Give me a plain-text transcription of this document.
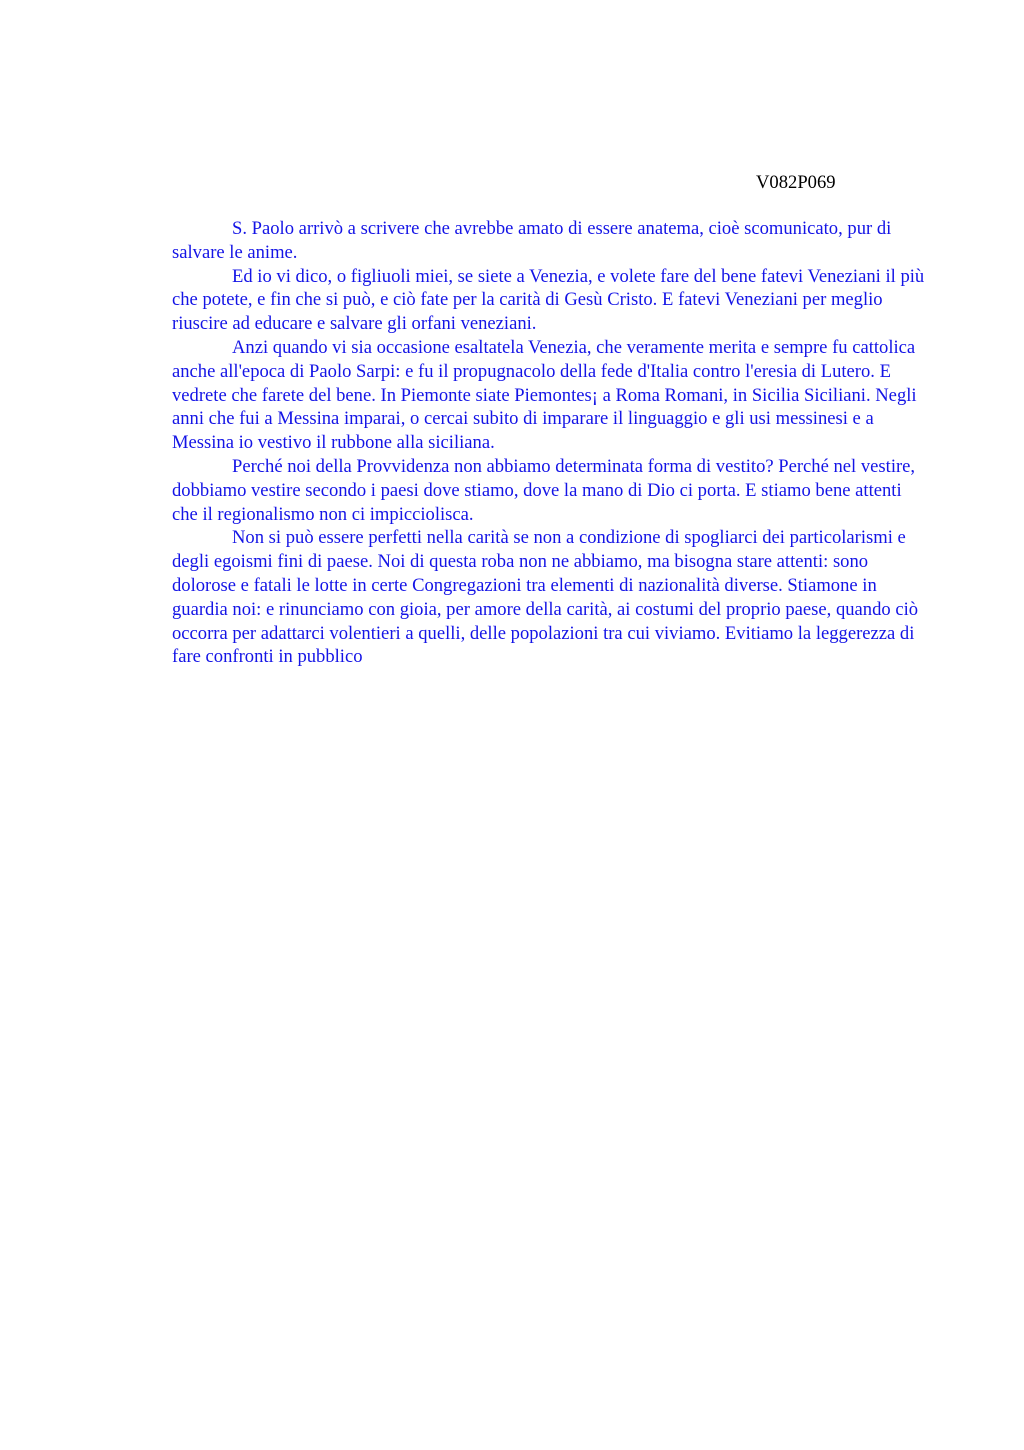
V082P069

S. Paolo arrivò a scrivere che avrebbe amato di essere anatema, cioè scomunicato, pur di salvare le anime.

Ed io vi dico, o figliuoli miei, se siete a Venezia, e volete fare del bene fatevi Veneziani il più che potete, e fin che si può, e ciò fate per la carità di Gesù Cristo. E fatevi Veneziani per meglio riuscire ad educare e salvare gli orfani veneziani.

Anzi quando vi sia occasione esaltatela Venezia, che veramente merita e sempre fu cattolica anche all'epoca di Paolo Sarpi: e fu il propugnacolo della fede d'Italia contro l'eresia di Lutero. E vedrete che farete del bene. In Piemonte siate Piemontes¡ a Roma Romani, in Sicilia Siciliani. Negli anni che fui a Messina imparai, o cercai subito di imparare il linguaggio e gli usi messinesi e a Messina io vestivo il rubbone alla siciliana.

Perché noi della Provvidenza non abbiamo determinata forma di vestito? Perché nel vestire, dobbiamo vestire secondo i paesi dove stiamo, dove la mano di Dio ci porta. E stiamo bene attenti che il regionalismo non ci impicciolisca.

Non si può essere perfetti nella carità se non a condizione di spogliarci dei particolarismi e degli egoismi fini di paese. Noi di questa roba non ne abbiamo, ma bisogna stare attenti: sono dolorose e fatali le lotte in certe Congregazioni tra elementi di nazionalità diverse. Stiamone in guardia noi: e rinunciamo con gioia, per amore della carità, ai costumi del proprio paese, quando ciò occorra per adattarci volentieri a quelli, delle popolazioni tra cui viviamo. Evitiamo la leggerezza di fare confronti in pubblico
